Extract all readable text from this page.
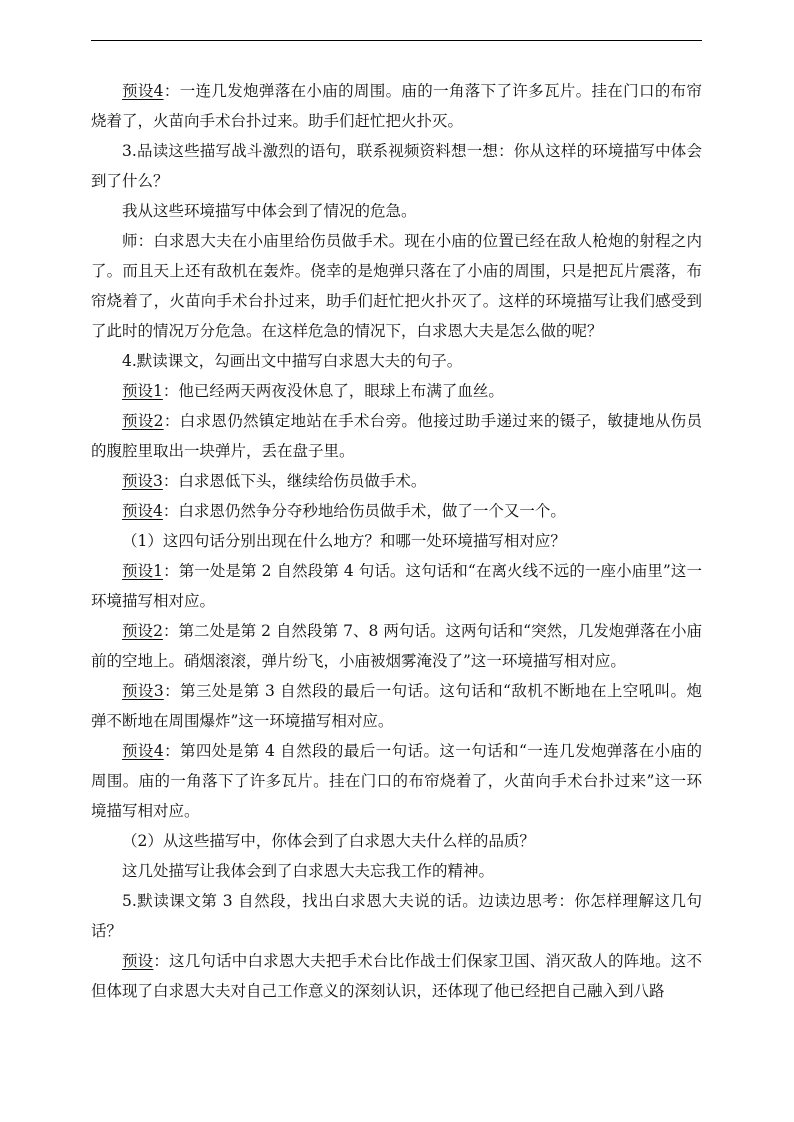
预设4：一连几发炮弹落在小庙的周围。庙的一角落下了许多瓦片。挂在门口的布帘烧着了，火苗向手术台扑过来。助手们赶忙把火扑灭。

3.品读这些描写战斗激烈的语句，联系视频资料想一想：你从这样的环境描写中体会到了什么？

我从这些环境描写中体会到了情况的危急。

师：白求恩大夫在小庙里给伤员做手术。现在小庙的位置已经在敌人枪炮的射程之内了。而且天上还有敌机在轰炸。侥幸的是炮弹只落在了小庙的周围，只是把瓦片震落，布帘烧着了，火苗向手术台扑过来，助手们赶忙把火扑灭了。这样的环境描写让我们感受到了此时的情况万分危急。在这样危急的情况下，白求恩大夫是怎么做的呢？

4.默读课文，勾画出文中描写白求恩大夫的句子。

预设1：他已经两天两夜没休息了，眼球上布满了血丝。

预设2：白求恩仍然镇定地站在手术台旁。他接过助手递过来的镊子，敏捷地从伤员的腹腔里取出一块弹片，丢在盘子里。

预设3：白求恩低下头，继续给伤员做手术。

预设4：白求恩仍然争分夺秒地给伤员做手术，做了一个又一个。

（1）这四句话分别出现在什么地方？和哪一处环境描写相对应？

预设1：第一处是第 2 自然段第 4 句话。这句话和“在离火线不远的一座小庙里”这一环境描写相对应。

预设2：第二处是第 2 自然段第 7、8 两句话。这两句话和“突然，几发炮弹落在小庙前的空地上。硝烟滚滚，弹片纷飞，小庙被烟雾淹没了”这一环境描写相对应。

预设3：第三处是第 3 自然段的最后一句话。这句话和“敌机不断地在上空吼叫。炮弹不断地在周围爆炸”这一环境描写相对应。

预设4：第四处是第 4 自然段的最后一句话。这一句话和“一连几发炮弹落在小庙的周围。庙的一角落下了许多瓦片。挂在门口的布帘烧着了，火苗向手术台扑过来”这一环境描写相对应。

（2）从这些描写中，你体会到了白求恩大夫什么样的品质？

这几处描写让我体会到了白求恩大夫忘我工作的精神。

5.默读课文第 3 自然段，找出白求恩大夫说的话。边读边思考：你怎样理解这几句话？

预设：这几句话中白求恩大夫把手术台比作战士们保家卫国、消灭敌人的阵地。这不但体现了白求恩大夫对自己工作意义的深刻认识，还体现了他已经把自己融入到八路
